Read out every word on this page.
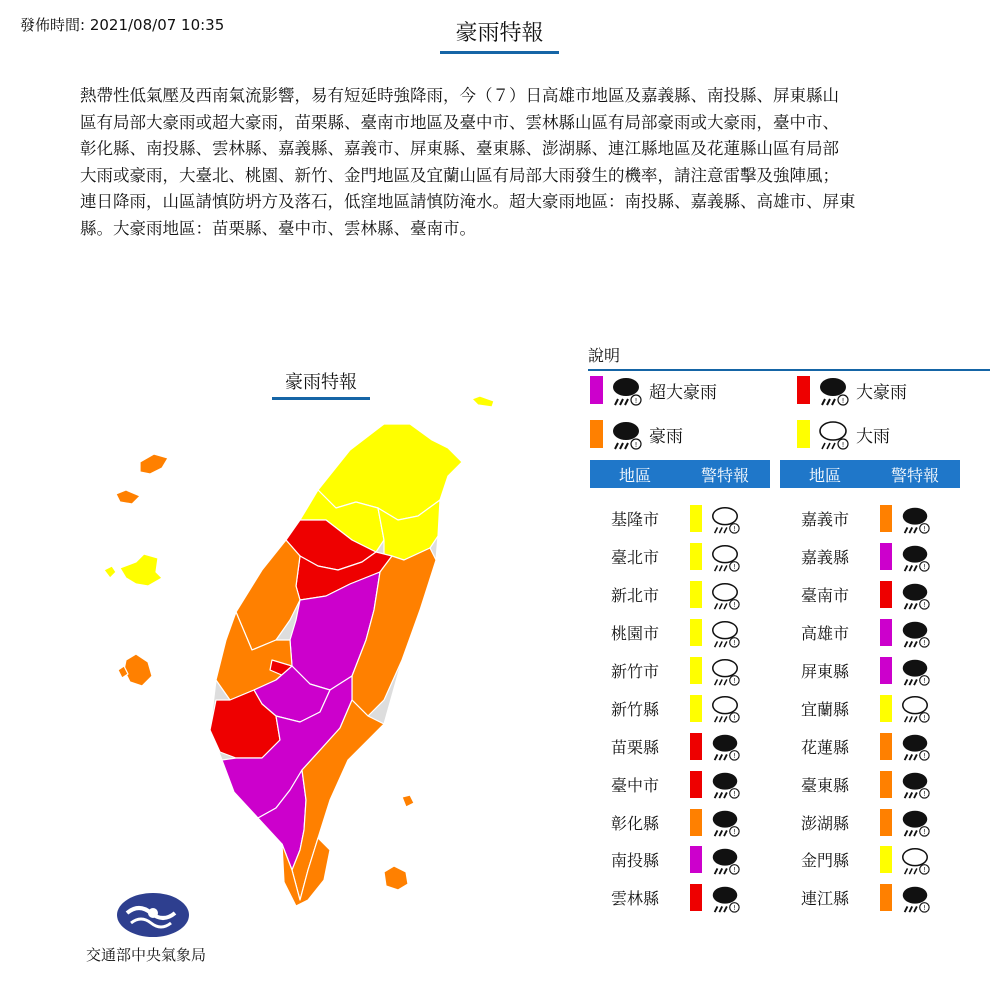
發佈時間: 2021/08/07 10:35	豪雨特報

熱帶性低氣壓及西南氣流影響，易有短延時強降雨，今（７）日高雄市地區及嘉義縣、南投縣、屏東縣山

區有局部大豪雨或超大豪雨，苗栗縣、臺南市地區及臺中市、雲林縣山區有局部豪雨或大豪雨，臺中市、

彰化縣、南投縣、雲林縣、嘉義縣、嘉義市、屏東縣、臺東縣、澎湖縣、連江縣地區及花蓮縣山區有局部

大雨或豪雨，大臺北、桃園、新竹、金門地區及宜蘭山區有局部大雨發生的機率，請注意雷擊及強陣風；

連日降雨，山區請慎防坍方及落石，低窪地區請慎防淹水。超大豪雨地區：南投縣、嘉義縣、高雄市、屏東

縣。大豪雨地區：苗栗縣、臺中市、雲林縣、臺南市。

豪雨特報
說明
! 超大豪雨	! 大豪雨
! 豪雨	! 大雨
地區	警特報
基隆市	!
臺北市	!
新北市	!
桃園市	!
新竹市	!
新竹縣	!
苗栗縣	!
臺中市	!
彰化縣	!
南投縣	!
雲林縣	!
地區	警特報
嘉義市	!
嘉義縣	!
臺南市	!
高雄市	!
屏東縣	!
宜蘭縣	!
花蓮縣	!
臺東縣	!
澎湖縣	!
金門縣	!
連江縣	!
交通部中央氣象局
